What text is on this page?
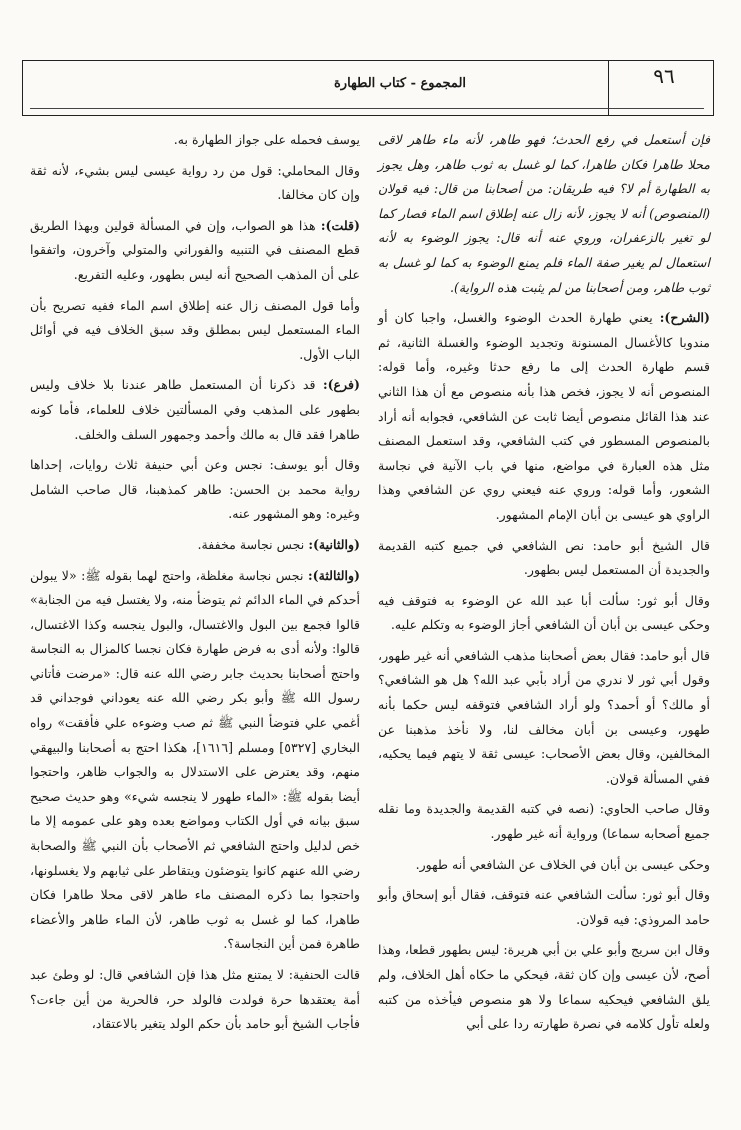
٩٦
المجموع - كتاب الطهارة

فإن أستعمل في رفع الحدث؛ فهو طاهر، لأنه ماء طاهر لاقى محلا طاهرا فكان طاهرا، كما لو غسل به ثوب طاهر، وهل يجوز به الطهارة أم لا؟ فيه طريقان: من أصحابنا من قال: فيه قولان (المنصوص) أنه لا يجوز، لأنه زال عنه إطلاق اسم الماء فصار كما لو تغير بالزعفران، وروي عنه أنه قال: يجوز الوضوء به لأنه استعمال لم يغير صفة الماء فلم يمنع الوضوء به كما لو غسل به ثوب طاهر، ومن أصحابنا من لم يثبت هذه الرواية).

(الشرح): يعني طهارة الحدث الوضوء والغسل، واجبا كان أو مندوبا كالأغسال المسنونة وتجديد الوضوء والغسلة الثانية، ثم قسم طهارة الحدث إلى ما رفع حدثا وغيره، وأما قوله: المنصوص أنه لا يجوز، فخص هذا بأنه منصوص مع أن هذا الثاني عند هذا القائل منصوص أيضا ثابت عن الشافعي، فجوابه أنه أراد بالمنصوص المسطور في كتب الشافعي، وقد استعمل المصنف مثل هذه العبارة في مواضع، منها في باب الآنية في نجاسة الشعور، وأما قوله: وروي عنه فيعني روي عن الشافعي وهذا الراوي هو عيسى بن أبان الإمام المشهور.

قال الشيخ أبو حامد: نص الشافعي في جميع كتبه القديمة والجديدة أن المستعمل ليس بطهور.

وقال أبو ثور: سألت أبا عبد الله عن الوضوء به فتوقف فيه وحكى عيسى بن أبان أن الشافعي أجاز الوضوء به وتكلم عليه.

قال أبو حامد: فقال بعض أصحابنا مذهب الشافعي أنه غير طهور، وقول أبي ثور لا ندري من أراد بأبي عبد الله؟ هل هو الشافعي؟ أو مالك؟ أو أحمد؟ ولو أراد الشافعي فتوقفه ليس حكما بأنه طهور، وعيسى بن أبان مخالف لنا، ولا نأخذ مذهبنا عن المخالفين، وقال بعض الأصحاب: عيسى ثقة لا يتهم فيما يحكيه، ففي المسألة قولان.

وقال صاحب الحاوي: (نصه في كتبه القديمة والجديدة وما نقله جميع أصحابه سماعا) ورواية أنه غير طهور.

وحكى عيسى بن أبان في الخلاف عن الشافعي أنه طهور.

وقال أبو ثور: سألت الشافعي عنه فتوقف، فقال أبو إسحاق وأبو حامد المروذي: فيه قولان.

وقال ابن سريج وأبو علي بن أبي هريرة: ليس بطهور قطعا، وهذا أصح، لأن عيسى وإن كان ثقة، فيحكي ما حكاه أهل الخلاف، ولم يلق الشافعي فيحكيه سماعا ولا هو منصوص فيأخذه من كتبه ولعله تأول كلامه في نصرة طهارته ردا على أبي

يوسف فحمله على جواز الطهارة به.

وقال المحاملي: قول من رد رواية عيسى ليس بشيء، لأنه ثقة وإن كان مخالفا.

(قلت): هذا هو الصواب، وإن في المسألة قولين وبهذا الطريق قطع المصنف في التنبيه والفوراني والمتولي وآخرون، واتفقوا على أن المذهب الصحيح أنه ليس بطهور، وعليه التفريع.

وأما قول المصنف زال عنه إطلاق اسم الماء ففيه تصريح بأن الماء المستعمل ليس بمطلق وقد سبق الخلاف فيه في أوائل الباب الأول.

(فرع): قد ذكرنا أن المستعمل طاهر عندنا بلا خلاف وليس بطهور على المذهب وفي المسألتين خلاف للعلماء، فأما كونه طاهرا فقد قال به مالك وأحمد وجمهور السلف والخلف.

وقال أبو يوسف: نجس وعن أبي حنيفة ثلاث روايات، إحداها رواية محمد بن الحسن: طاهر كمذهبنا، قال صاحب الشامل وغيره: وهو المشهور عنه.

(والثانية): نجس نجاسة مخففة.

(والثالثة): نجس نجاسة مغلظة، واحتج لهما بقوله ﷺ: «لا يبولن أحدكم في الماء الدائم ثم يتوضأ منه، ولا يغتسل فيه من الجنابة» قالوا فجمع بين البول والاغتسال، والبول ينجسه وكذا الاغتسال، قالوا: ولأنه أدى به فرض طهارة فكان نجسا كالمزال به النجاسة واحتج أصحابنا بحديث جابر رضي الله عنه قال: «مرضت فأتاني رسول الله ﷺ وأبو بكر رضي الله عنه يعوداني فوجداني قد أغمي علي فتوضأ النبي ﷺ ثم صب وضوءه علي فأفقت» رواه البخاري [٥٣٢٧] ومسلم [١٦١٦]، هكذا احتج به أصحابنا والبيهقي منهم، وقد يعترض على الاستدلال به والجواب ظاهر، واحتجوا أيضا بقوله ﷺ: «الماء طهور لا ينجسه شيء» وهو حديث صحيح سبق بيانه في أول الكتاب ومواضع بعده وهو على عمومه إلا ما خص لدليل واحتج الشافعي ثم الأصحاب بأن النبي ﷺ والصحابة رضي الله عنهم كانوا يتوضئون ويتقاطر على ثيابهم ولا يغسلونها، واحتجوا بما ذكره المصنف ماء طاهر لاقى محلا طاهرا فكان طاهرا، كما لو غسل به ثوب طاهر، لأن الماء طاهر والأعضاء طاهرة فمن أين النجاسة؟.

قالت الحنفية: لا يمتنع مثل هذا فإن الشافعي قال: لو وطئ عبد أمة يعتقدها حرة فولدت فالولد حر، فالحرية من أين جاءت؟ فأجاب الشيخ أبو حامد بأن حكم الولد يتغير بالاعتقاد،
